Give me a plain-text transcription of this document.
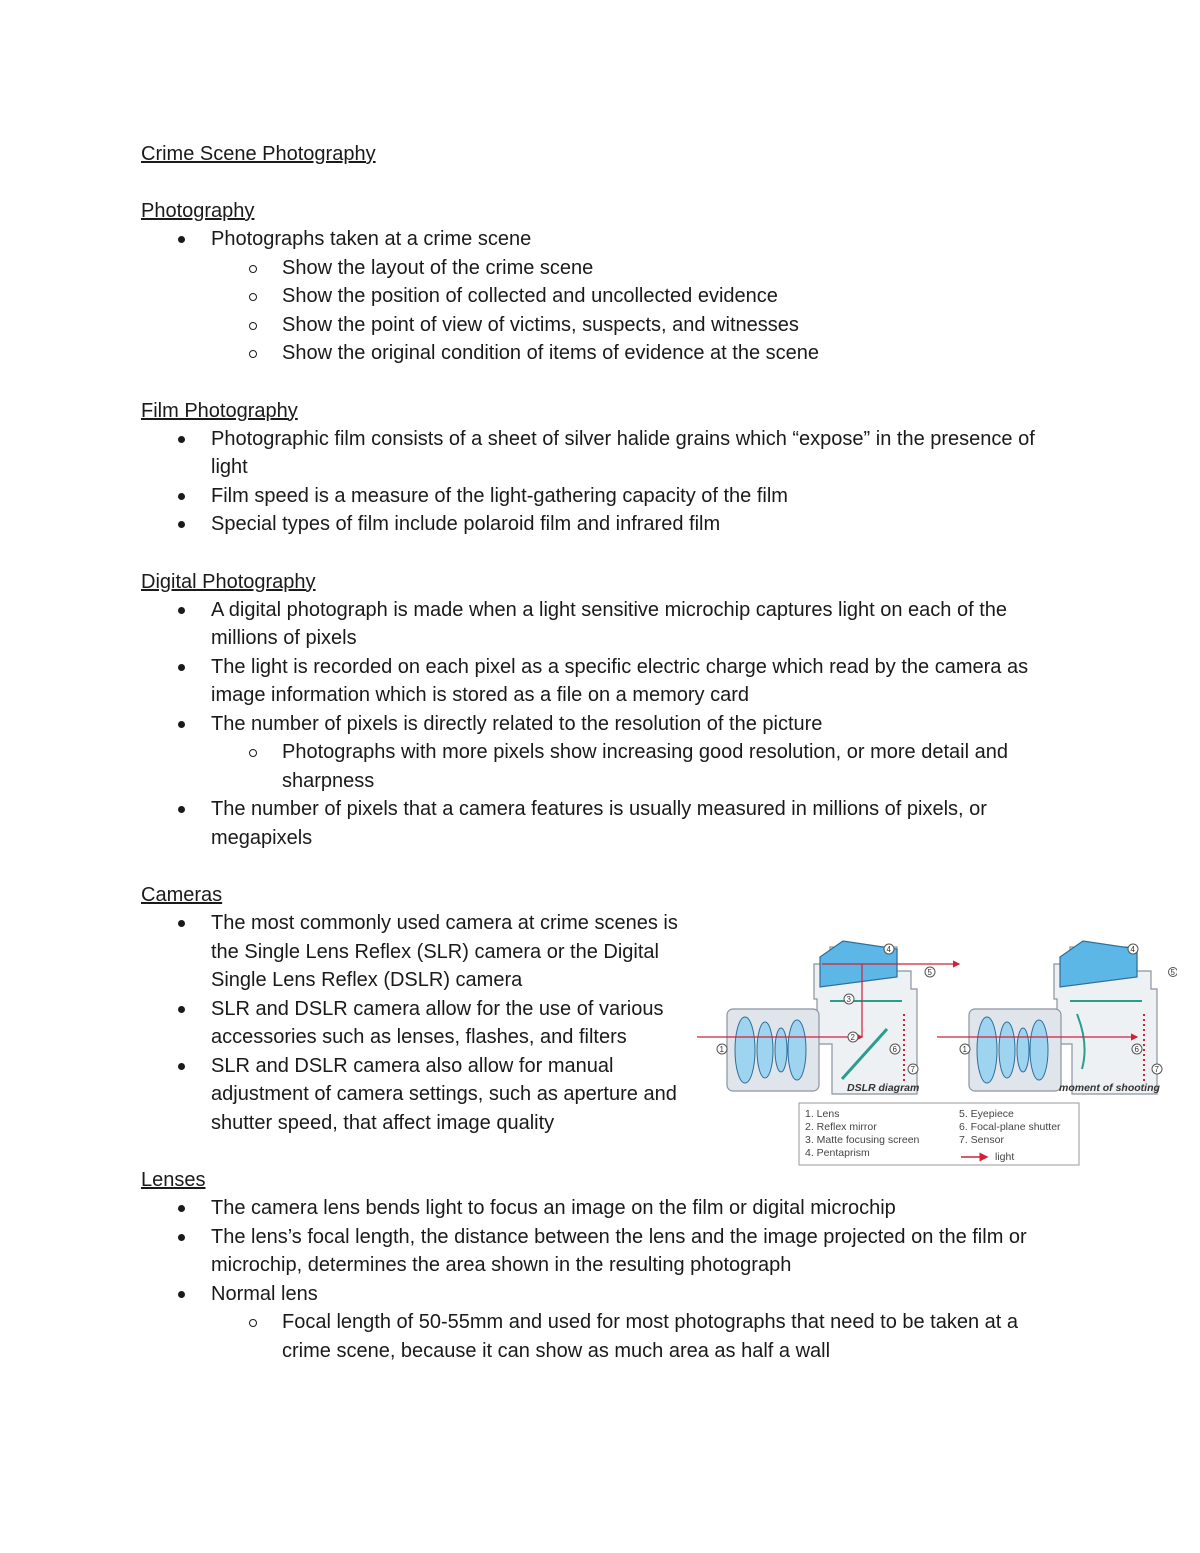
Crime Scene Photography
Photography
Photographs taken at a crime scene
Show the layout of the crime scene
Show the position of collected and uncollected evidence
Show the point of view of victims, suspects, and witnesses
Show the original condition of items of evidence at the scene
Film Photography
Photographic film consists of a sheet of silver halide grains which “expose” in the presence of light
Film speed is a measure of the light-gathering capacity of the film
Special types of film include polaroid film and infrared film
Digital Photography
A digital photograph is made when a light sensitive microchip captures light on each of the millions of pixels
The light is recorded on each pixel as a specific electric charge which read by the camera as image information which is stored as a file on a memory card
The number of pixels is directly related to the resolution of the picture
Photographs with more pixels show increasing good resolution, or more detail and sharpness
The number of pixels that a camera features is usually measured in millions of pixels, or megapixels
Cameras
The most commonly used camera at crime scenes is the Single Lens Reflex (SLR) camera or the Digital Single Lens Reflex (DSLR) camera
SLR and DSLR camera allow for the use of various accessories such as lenses, flashes, and filters
SLR and DSLR camera also allow for manual adjustment of camera settings, such as aperture and shutter speed, that affect image quality
1
2
3
4
5
6
7
1
4
5
6
7
DSLR diagram	moment of shooting
1. Lens
2. Reflex mirror
3. Matte focusing screen
4. Pentaprism
5. Eyepiece
6. Focal-plane shutter
7. Sensor
light
Lenses
The camera lens bends light to focus an image on the film or digital microchip
The lens’s focal length, the distance between the lens and the image projected on the film or microchip, determines the area shown in the resulting photograph
Normal lens
Focal length of 50-55mm and used for most photographs that need to be taken at a crime scene, because it can show as much area as half a wall
